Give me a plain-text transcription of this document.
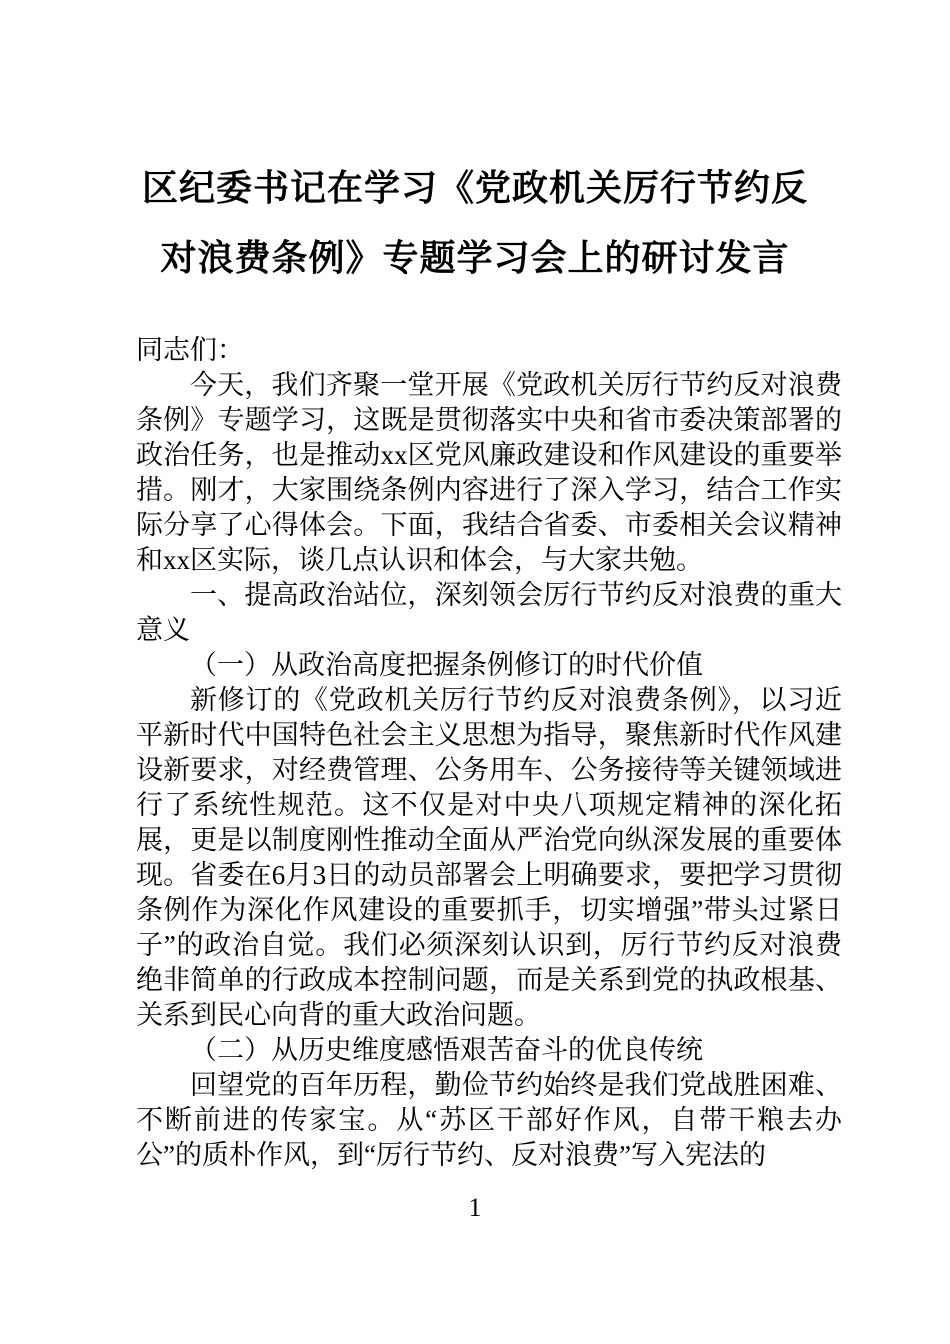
区纪委书记在学习《党政机关厉行节约反
对浪费条例》专题学习会上的研讨发言

同志们：

今天，我们齐聚一堂开展《党政机关厉行节约反对浪费条例》专题学习，这既是贯彻落实中央和省市委决策部署的政治任务，也是推动xx区党风廉政建设和作风建设的重要举措。刚才，大家围绕条例内容进行了深入学习，结合工作实际分享了心得体会。下面，我结合省委、市委相关会议精神和xx区实际，谈几点认识和体会，与大家共勉。

一、提高政治站位，深刻领会厉行节约反对浪费的重大意义

（一）从政治高度把握条例修订的时代价值

新修订的《党政机关厉行节约反对浪费条例》，以习近平新时代中国特色社会主义思想为指导，聚焦新时代作风建设新要求，对经费管理、公务用车、公务接待等关键领域进行了系统性规范。这不仅是对中央八项规定精神的深化拓展，更是以制度刚性推动全面从严治党向纵深发展的重要体现。省委在6月3日的动员部署会上明确要求，要把学习贯彻条例作为深化作风建设的重要抓手，切实增强”带头过紧日子”的政治自觉。我们必须深刻认识到，厉行节约反对浪费绝非简单的行政成本控制问题，而是关系到党的执政根基、关系到民心向背的重大政治问题。

（二）从历史维度感悟艰苦奋斗的优良传统

回望党的百年历程，勤俭节约始终是我们党战胜困难、不断前进的传家宝。从“苏区干部好作风，自带干粮去办公”的质朴作风，到“厉行节约、反对浪费”写入宪法的

1
